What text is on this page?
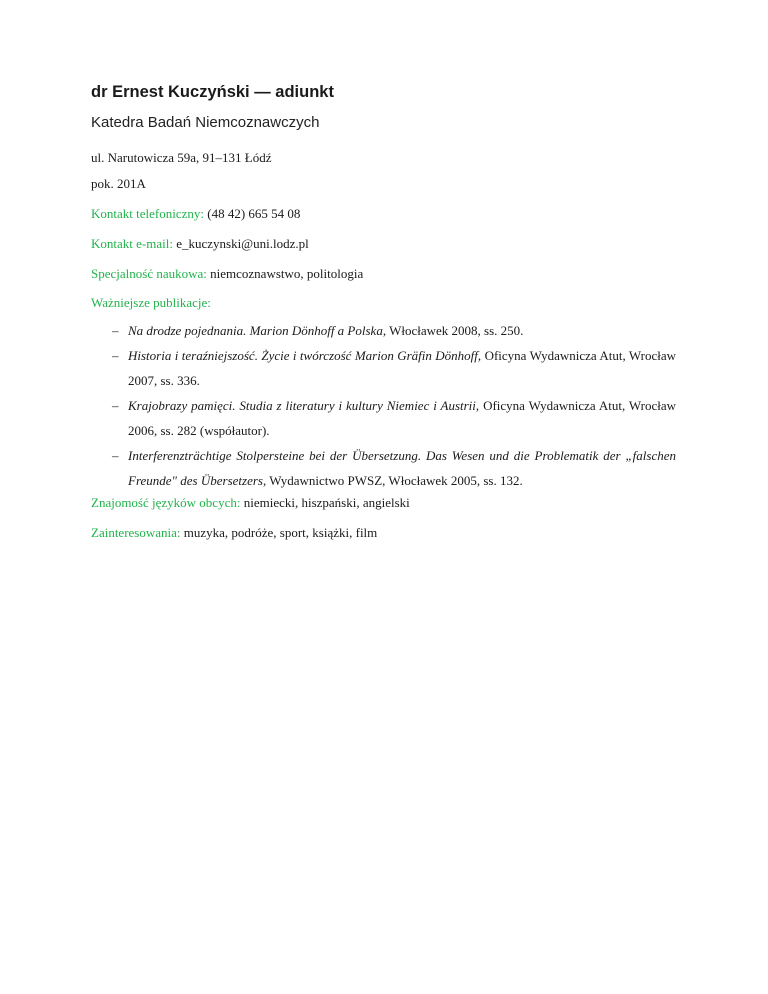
dr Ernest Kuczyński — adiunkt
Katedra Badań Niemcoznawczych
ul. Narutowicza 59a, 91–131 Łódź
pok. 201A
Kontakt telefoniczny: (48 42) 665 54 08
Kontakt e-mail: e_kuczynski@uni.lodz.pl
Specjalność naukowa: niemcoznawstwo, politologia
Ważniejsze publikacje:
– Na drodze pojednania. Marion Dönhoff a Polska, Włocławek 2008, ss. 250.
– Historia i teraźniejszość. Życie i twórczość Marion Gräfin Dönhoff, Oficyna Wydawnicza Atut, Wrocław 2007, ss. 336.
– Krajobrazy pamięci. Studia z literatury i kultury Niemiec i Austrii, Oficyna Wydawnicza Atut, Wrocław 2006, ss. 282 (współautor).
– Interferenzträchtige Stolpersteine bei der Übersetzung. Das Wesen und die Problematik der „falschen Freunde" des Übersetzers, Wydawnictwo PWSZ, Włocławek 2005, ss. 132.
Znajomość języków obcych: niemiecki, hiszpański, angielski
Zainteresowania: muzyka, podróże, sport, książki, film
